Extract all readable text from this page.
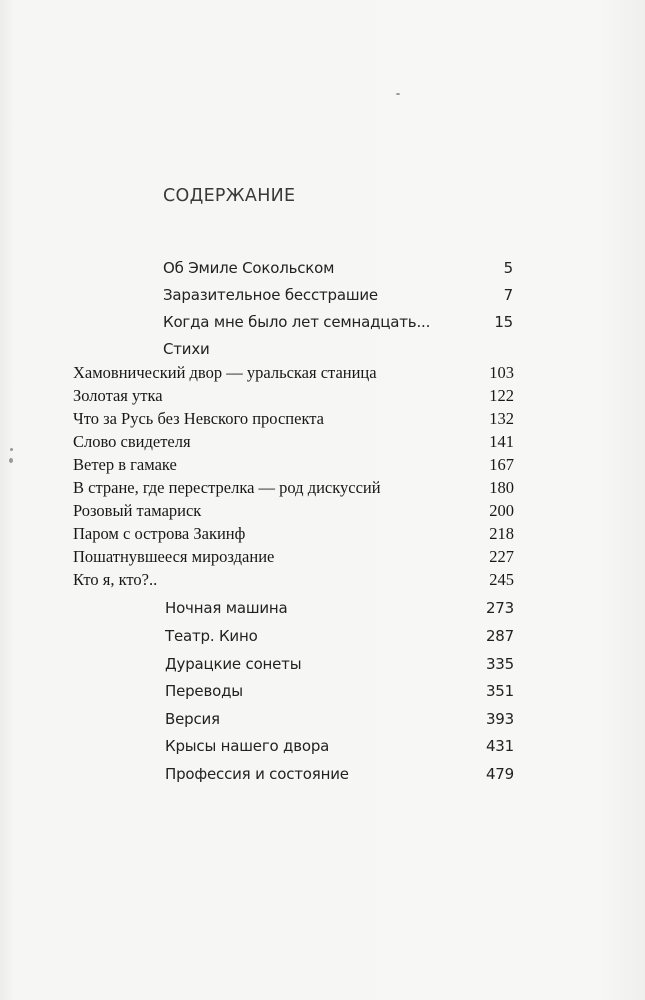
СОДЕРЖАНИЕ
Об Эмиле Сокольском	5
Заразительное бесстрашие	7
Когда мне было лет семнадцать...	15
Стихи
Хамовнический двор — уральская станица	103
Золотая утка	122
Что за Русь без Невского проспекта	132
Слово свидетеля	141
Ветер в гамаке	167
В стране, где перестрелка — род дискуссий	180
Розовый тамариск	200
Паром с острова Закинф	218
Пошатнувшееся мироздание	227
Кто я, кто?..	245
Ночная машина	273
Театр. Кино	287
Дурацкие сонеты	335
Переводы	351
Версия	393
Крысы нашего двора	431
Профессия и состояние	479
